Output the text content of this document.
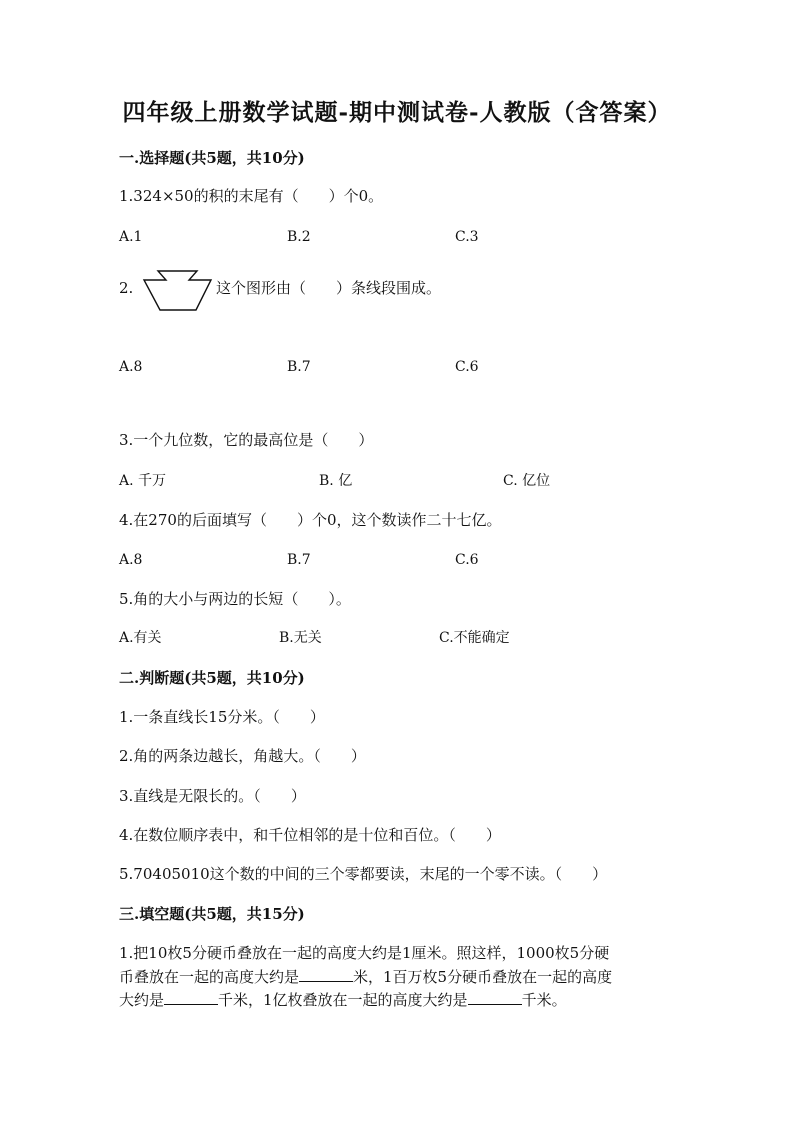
四年级上册数学试题-期中测试卷-人教版（含答案）
一.选择题(共5题，共10分)
1.324×50的积的末尾有（　　）个0。
A.1	B.2	C.3
2.	这个图形由（　　）条线段围成。
A.8	B.7	C.6
3.一个九位数，它的最高位是（　　）
A. 千万	B. 亿	C. 亿位
4.在270的后面填写（　　）个0，这个数读作二十七亿。
A.8	B.7	C.6
5.角的大小与两边的长短（　　）。
A.有关	B.无关	C.不能确定
二.判断题(共5题，共10分)
1.一条直线长15分米。（　　）
2.角的两条边越长，角越大。（　　）
3.直线是无限长的。（　　）
4.在数位顺序表中，和千位相邻的是十位和百位。（　　）
5.70405010这个数的中间的三个零都要读，末尾的一个零不读。（　　）
三.填空题(共5题，共15分)
1.把10枚5分硬币叠放在一起的高度大约是1厘米。照这样，1000枚5分硬
币叠放在一起的高度大约是	米，1百万枚5分硬币叠放在一起的高度
大约是	千米，1亿枚叠放在一起的高度大约是	千米。
